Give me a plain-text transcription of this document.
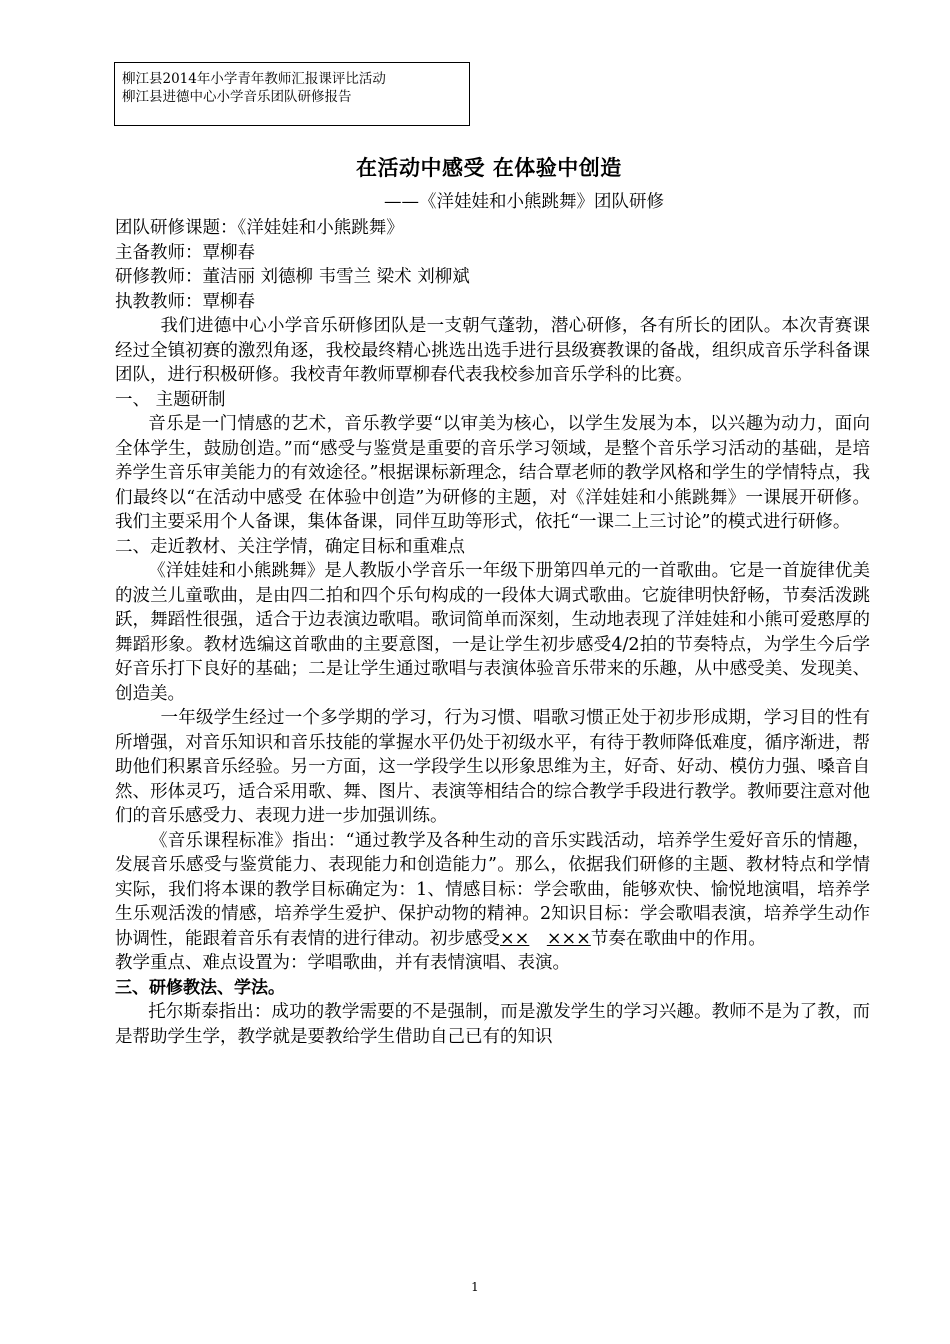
柳江县2014年小学青年教师汇报课评比活动
柳江县进德中心小学音乐团队研修报告
在活动中感受 在体验中创造
——《洋娃娃和小熊跳舞》团队研修

团队研修课题：《洋娃娃和小熊跳舞》

主备教师：覃柳春

研修教师：董洁丽 刘德柳 韦雪兰 梁术 刘柳斌

执教教师：覃柳春

我们进德中心小学音乐研修团队是一支朝气蓬勃，潜心研修，各有所长的团队。本次青赛课经过全镇初赛的激烈角逐，我校最终精心挑选出选手进行县级赛教课的备战，组织成音乐学科备课团队，进行积极研修。我校青年教师覃柳春代表我校参加音乐学科的比赛。

一、 主题研制

音乐是一门情感的艺术，音乐教学要“以审美为核心，以学生发展为本，以兴趣为动力，面向全体学生，鼓励创造。”而“感受与鉴赏是重要的音乐学习领域，是整个音乐学习活动的基础，是培养学生音乐审美能力的有效途径。”根据课标新理念，结合覃老师的教学风格和学生的学情特点，我们最终以“在活动中感受 在体验中创造”为研修的主题，对《洋娃娃和小熊跳舞》一课展开研修。我们主要采用个人备课，集体备课，同伴互助等形式，依托“一课二上三讨论”的模式进行研修。

二、走近教材、关注学情，确定目标和重难点

《洋娃娃和小熊跳舞》是人教版小学音乐一年级下册第四单元的一首歌曲。它是一首旋律优美的波兰儿童歌曲，是由四二拍和四个乐句构成的一段体大调式歌曲。它旋律明快舒畅，节奏活泼跳跃，舞蹈性很强，适合于边表演边歌唱。歌词简单而深刻，生动地表现了洋娃娃和小熊可爱憨厚的舞蹈形象。教材选编这首歌曲的主要意图，一是让学生初步感受4/2拍的节奏特点，为学生今后学好音乐打下良好的基础；二是让学生通过歌唱与表演体验音乐带来的乐趣，从中感受美、发现美、创造美。

一年级学生经过一个多学期的学习，行为习惯、唱歌习惯正处于初步形成期，学习目的性有所增强，对音乐知识和音乐技能的掌握水平仍处于初级水平，有待于教师降低难度，循序渐进，帮助他们积累音乐经验。另一方面，这一学段学生以形象思维为主，好奇、好动、模仿力强、嗓音自然、形体灵巧，适合采用歌、舞、图片、表演等相结合的综合教学手段进行教学。教师要注意对他们的音乐感受力、表现力进一步加强训练。

《音乐课程标准》指出：“通过教学及各种生动的音乐实践活动，培养学生爱好音乐的情趣，发展音乐感受与鉴赏能力、表现能力和创造能力”。那么，依据我们研修的主题、教材特点和学情实际，我们将本课的教学目标确定为：1、情感目标：学会歌曲，能够欢快、愉悦地演唱，培养学生乐观活泼的情感，培养学生爱护、保护动物的精神。2知识目标：学会歌唱表演，培养学生动作协调性，能跟着音乐有表情的进行律动。初步感受××　 ×××节奏在歌曲中的作用。

教学重点、难点设置为：学唱歌曲，并有表情演唱、表演。

三、研修教法、学法。

托尔斯泰指出：成功的教学需要的不是强制，而是激发学生的学习兴趣。教师不是为了教，而是帮助学生学，教学就是要教给学生借助自己已有的知识

1
